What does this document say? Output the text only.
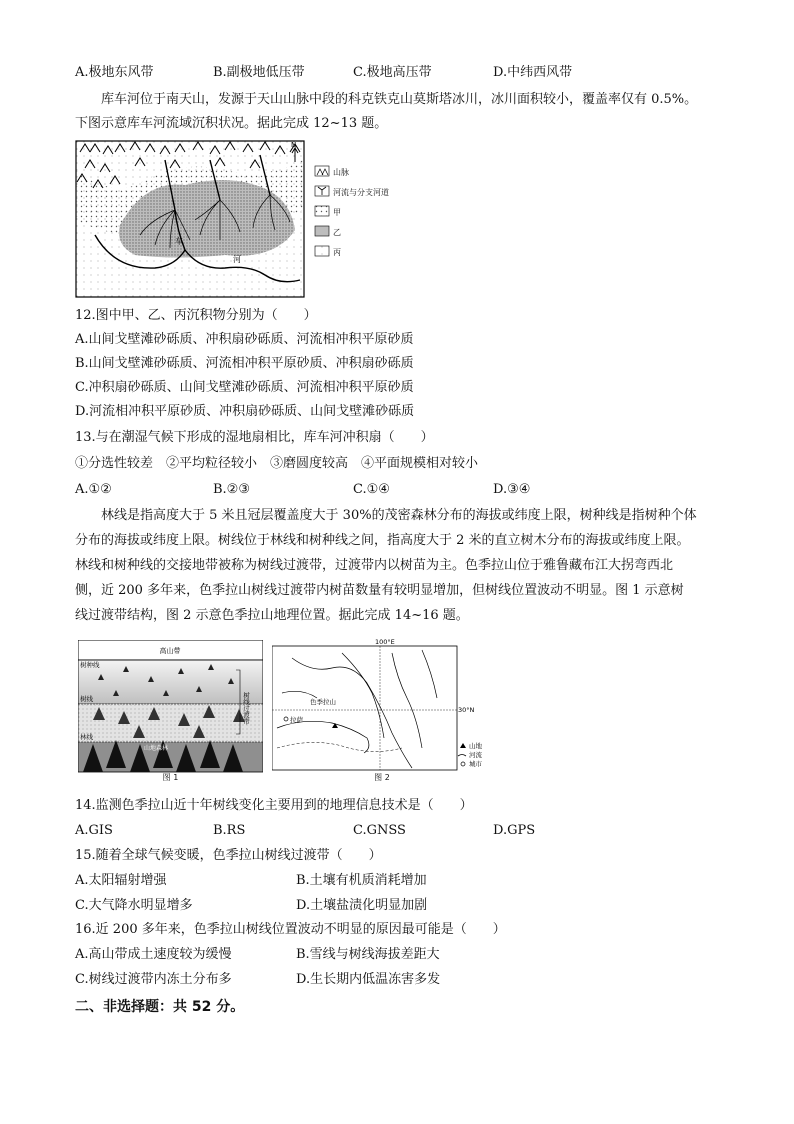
A.极地东风带	B.副极地低压带	C.极地高压带	D.中纬西风带
库车河位于南天山，发源于天山山脉中段的科克铁克山莫斯塔冰川，冰川面积较小，覆盖率仅有 0.5%。
下图示意库车河流域沉积状况。据此完成 12~13 题。
车
河
N
山脉
河流与分支河道
甲
乙
丙
12.图中甲、乙、丙沉积物分别为（　　）
A.山间戈壁滩砂砾质、冲积扇砂砾质、河流相冲积平原砂质
B.山间戈壁滩砂砾质、河流相冲积平原砂质、冲积扇砂砾质
C.冲积扇砂砾质、山间戈壁滩砂砾质、河流相冲积平原砂质
D.河流相冲积平原砂质、冲积扇砂砾质、山间戈壁滩砂砾质
13.与在潮湿气候下形成的湿地扇相比，库车河冲积扇（　　）
①分选性较差　②平均粒径较小　③磨圆度较高　④平面规模相对较小
A.①②	B.②③	C.①④	D.③④
林线是指高度大于 5 米且冠层覆盖度大于 30%的茂密森林分布的海拔或纬度上限，树种线是指树种个体
分布的海拔或纬度上限。树线位于林线和树种线之间，指高度大于 2 米的直立树木分布的海拔或纬度上限。
林线和树种线的交接地带被称为树线过渡带，过渡带内以树苗为主。色季拉山位于雅鲁藏布江大拐弯西北
侧，近 200 多年来，色季拉山树线过渡带内树苗数量有较明显增加，但树线位置波动不明显。图 1 示意树
线过渡带结构，图 2 示意色季拉山地理位置。据此完成 14~16 题。
高山带
树种线
树线
林线
树线过渡带
山地森林
图 1
100°E
30°N
色季拉山
拉萨
山地
河流
城市
图 2
14.监测色季拉山近十年树线变化主要用到的地理信息技术是（　　）
A.GIS	B.RS	C.GNSS	D.GPS
15.随着全球气候变暖，色季拉山树线过渡带（　　）
A.太阳辐射增强	B.土壤有机质消耗增加
C.大气降水明显增多	D.土壤盐渍化明显加剧
16.近 200 多年来，色季拉山树线位置波动不明显的原因最可能是（　　）
A.高山带成土速度较为缓慢	B.雪线与树线海拔差距大
C.树线过渡带内冻土分布多	D.生长期内低温冻害多发
二、非选择题：共 52 分。
